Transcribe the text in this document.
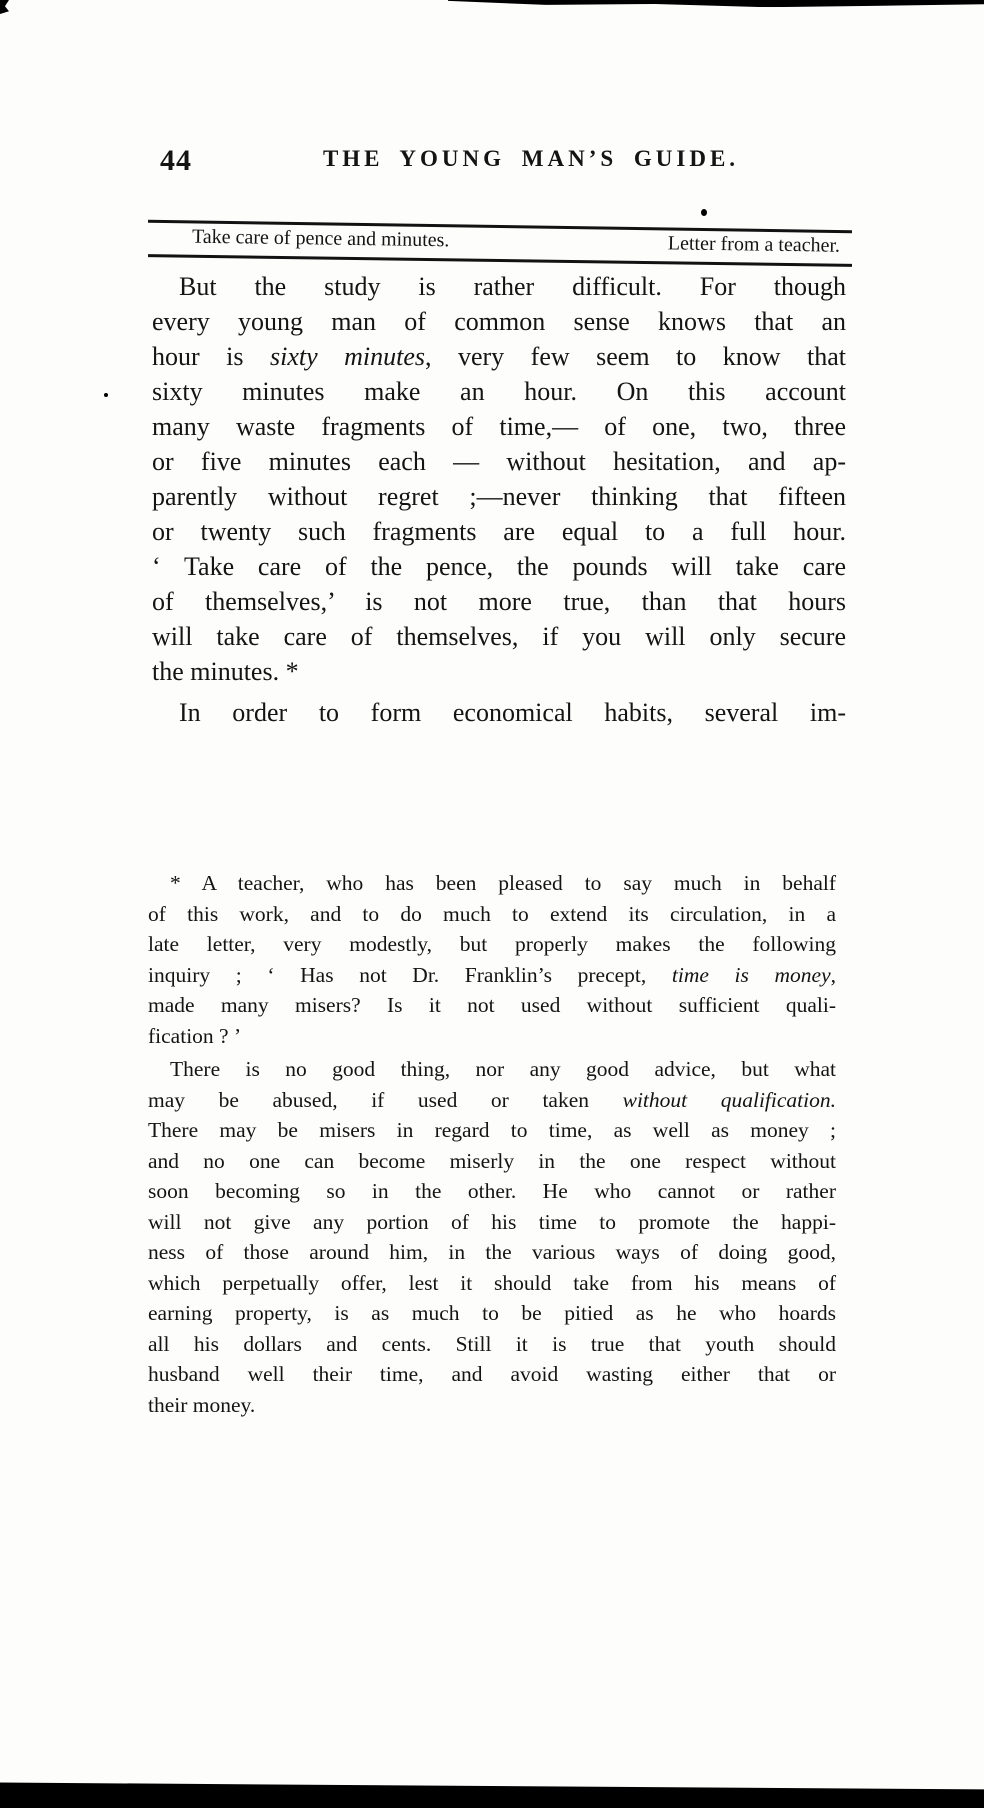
44	THE YOUNG MAN’S GUIDE.
Take care of pence and minutes.	Letter from a teacher.
But the study is rather difficult. For though
every young man of common sense knows that an
hour is sixty minutes, very few seem to know that
sixty minutes make an hour. On this account
many waste fragments of time,— of one, two, three
or five minutes each — without hesitation, and ap-
parently without regret ;—never thinking that fifteen
or twenty such fragments are equal to a full hour.
‘ Take care of the pence, the pounds will take care
of themselves,’ is not more true, than that hours
will take care of themselves, if you will only secure
the minutes. *
In order to form economical habits, several im-
* A teacher, who has been pleased to say much in behalf
of this work, and to do much to extend its circulation, in a
late letter, very modestly, but properly makes the following
inquiry ; ‘ Has not Dr. Franklin’s precept, time is money,
made many misers? Is it not used without sufficient quali-
fication ? ’
There is no good thing, nor any good advice, but what
may be abused, if used or taken without qualification.
There may be misers in regard to time, as well as money ;
and no one can become miserly in the one respect without
soon becoming so in the other. He who cannot or rather
will not give any portion of his time to promote the happi-
ness of those around him, in the various ways of doing good,
which perpetually offer, lest it should take from his means of
earning property, is as much to be pitied as he who hoards
all his dollars and cents. Still it is true that youth should
husband well their time, and avoid wasting either that or
their money.
